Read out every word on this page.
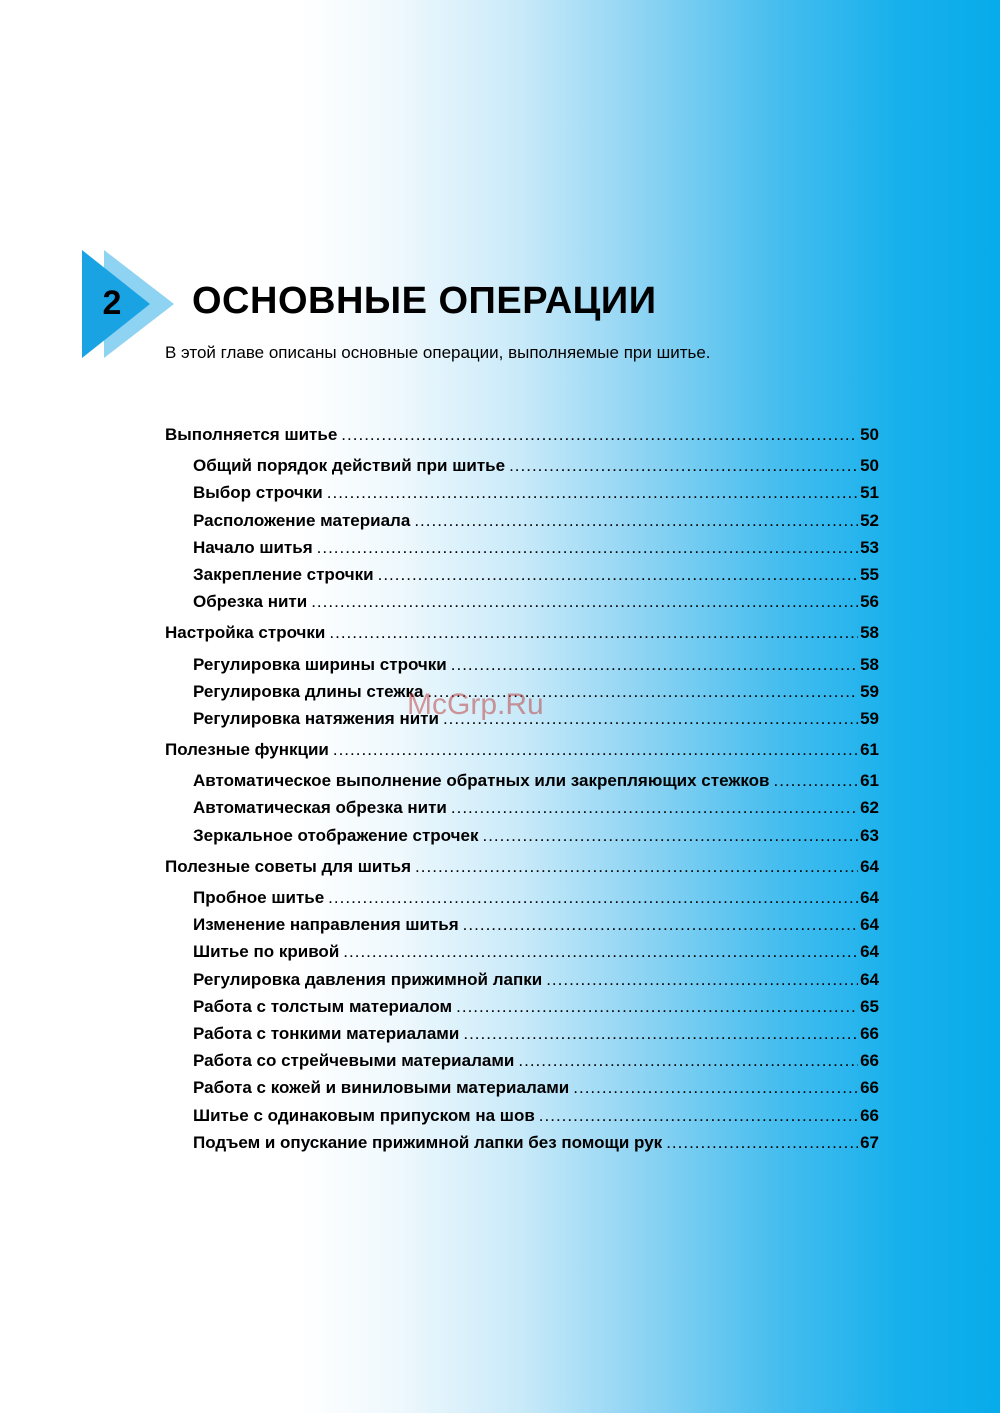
2 ОСНОВНЫЕ ОПЕРАЦИИ

В этой главе описаны основные операции, выполняемые при шитье.

Выполняется шитье .....	50
Общий порядок действий при шитье .....	50
Выбор строчки .....	51
Расположение материала .....	52
Начало шитья .....	53
Закрепление строчки .....	55
Обрезка нити .....	56
Настройка строчки .....	58
Регулировка ширины строчки .....	58
Регулировка длины стежка .....	59
Регулировка натяжения нити .....	59
Полезные функции .....	61
Автоматическое выполнение обратных или закрепляющих стежков .....	61
Автоматическая обрезка нити .....	62
Зеркальное отображение строчек .....	63
Полезные советы для шитья .....	64
Пробное шитье .....	64
Изменение направления шитья .....	64
Шитье по кривой .....	64
Регулировка давления прижимной лапки .....	64
Работа с толстым материалом .....	65
Работа с тонкими материалами .....	66
Работа со стрейчевыми материалами .....	66
Работа с кожей и виниловыми материалами .....	66
Шитье с одинаковым припуском на шов .....	66
Подъем и опускание прижимной лапки без помощи рук .....	67
McGrp.Ru
